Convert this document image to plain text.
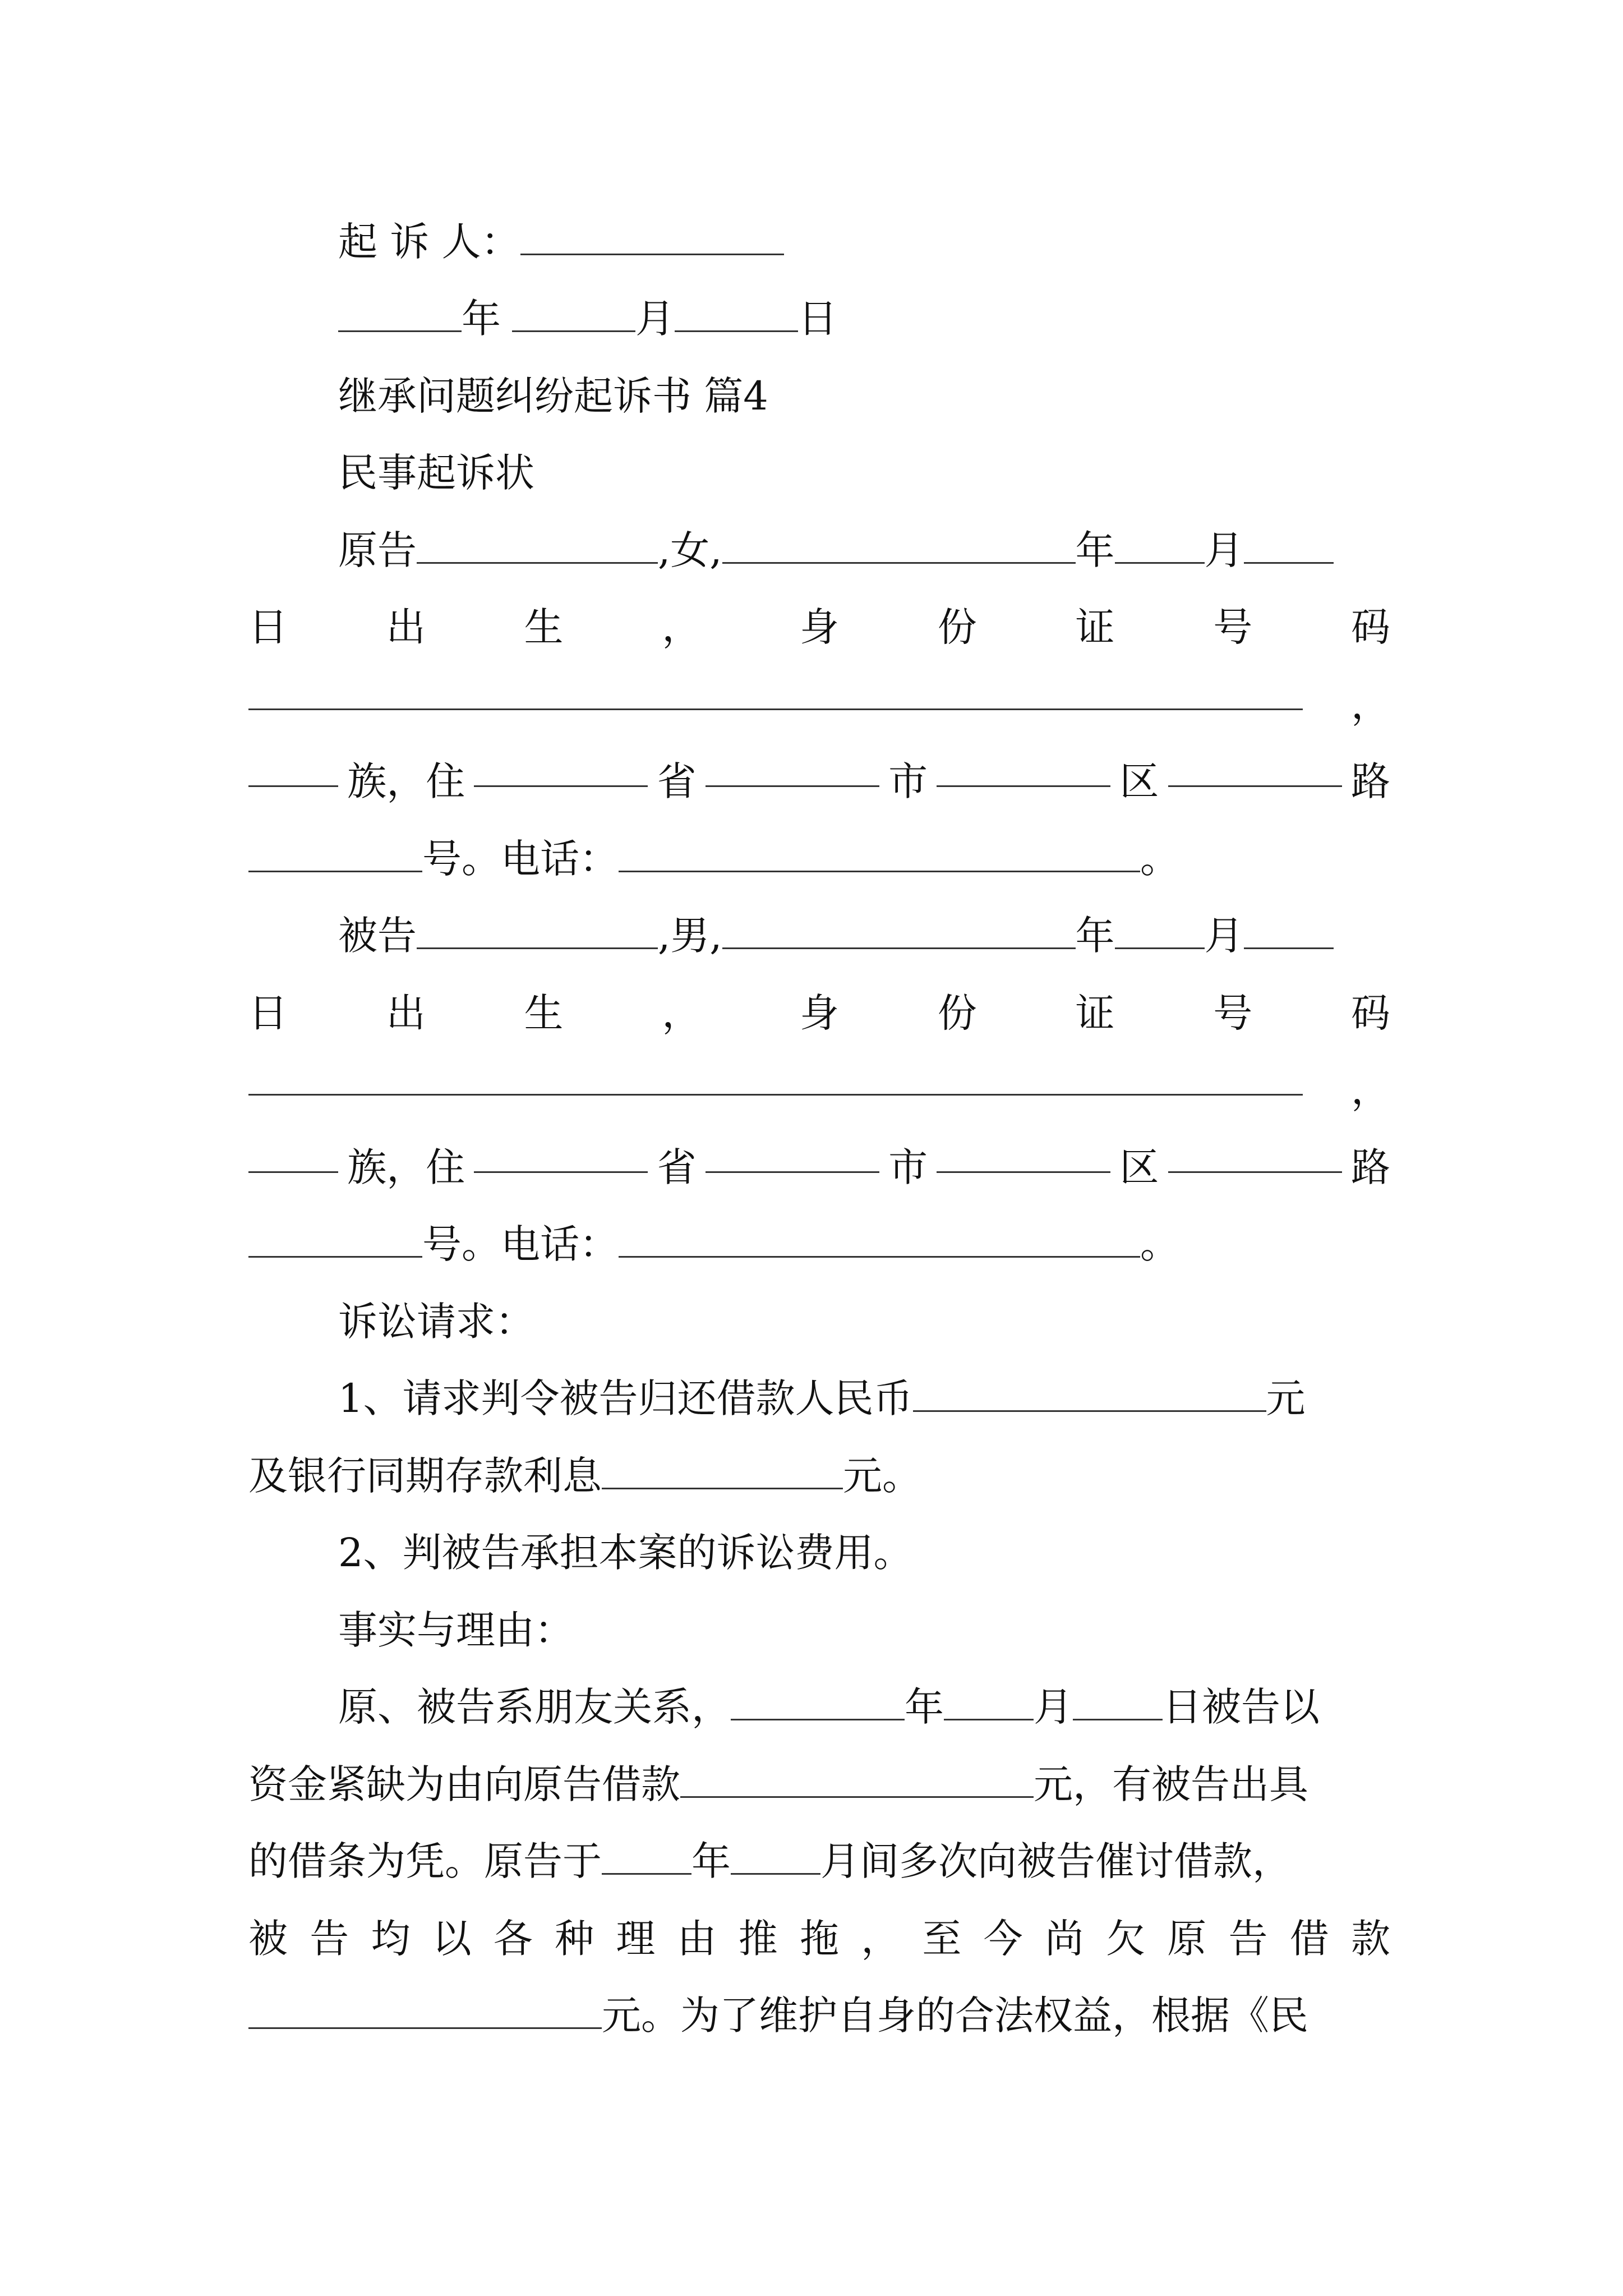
起 诉 人：
年	月	日
继承问题纠纷起诉书 篇4
民事起诉状
原告	,女,	年 月
日	出	生	，	身	份	证	号	码
，
族，住	省	市	区	路
号。电话：	。
被告	,男,	年 月
日	出	生	，	身	份	证	号	码
，
族，住	省	市	区	路
号。电话：	。
诉讼请求：
1、请求判令被告归还借款人民币	元
及银行同期存款利息	元。
2、判被告承担本案的诉讼费用。
事实与理由：
原、被告系朋友关系，	年 月 日被告以
资金紧缺为由向原告借款	元，有被告出具
的借条为凭。原告于 年 月间多次向被告催讨借款，
被 告 均 以 各 种 理 由 推 拖 ， 至 今 尚 欠 原 告 借 款
元。为了维护自身的合法权益，根据《民
